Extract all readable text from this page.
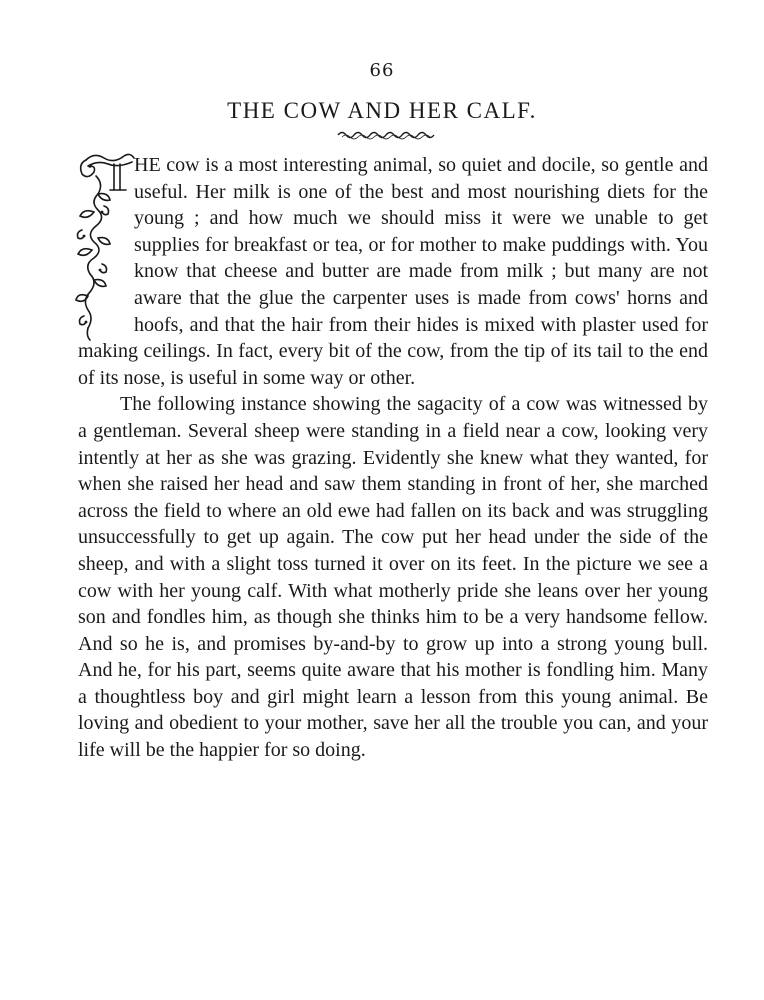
66
THE COW AND HER CALF.

HE cow is a most interesting animal, so quiet and docile, so gentle and useful. Her milk is one of the best and most nourishing diets for the young ; and how much we should miss it were we unable to get supplies for breakfast or tea, or for mother to make puddings with. You know that cheese and butter are made from milk ; but many are not aware that the glue the carpenter uses is made from cows' horns and hoofs, and that the hair from their hides is mixed with plaster used for making ceilings. In fact, every bit of the cow, from the tip of its tail to the end of its nose, is useful in some way or other.

The following instance showing the sagacity of a cow was witnessed by a gentleman. Several sheep were standing in a field near a cow, looking very intently at her as she was grazing. Evidently she knew what they wanted, for when she raised her head and saw them standing in front of her, she marched across the field to where an old ewe had fallen on its back and was struggling unsuccessfully to get up again. The cow put her head under the side of the sheep, and with a slight toss turned it over on its feet. In the picture we see a cow with her young calf. With what motherly pride she leans over her young son and fondles him, as though she thinks him to be a very handsome fellow. And so he is, and promises by-and-by to grow up into a strong young bull. And he, for his part, seems quite aware that his mother is fondling him. Many a thoughtless boy and girl might learn a lesson from this young animal. Be loving and obedient to your mother, save her all the trouble you can, and your life will be the happier for so doing.
